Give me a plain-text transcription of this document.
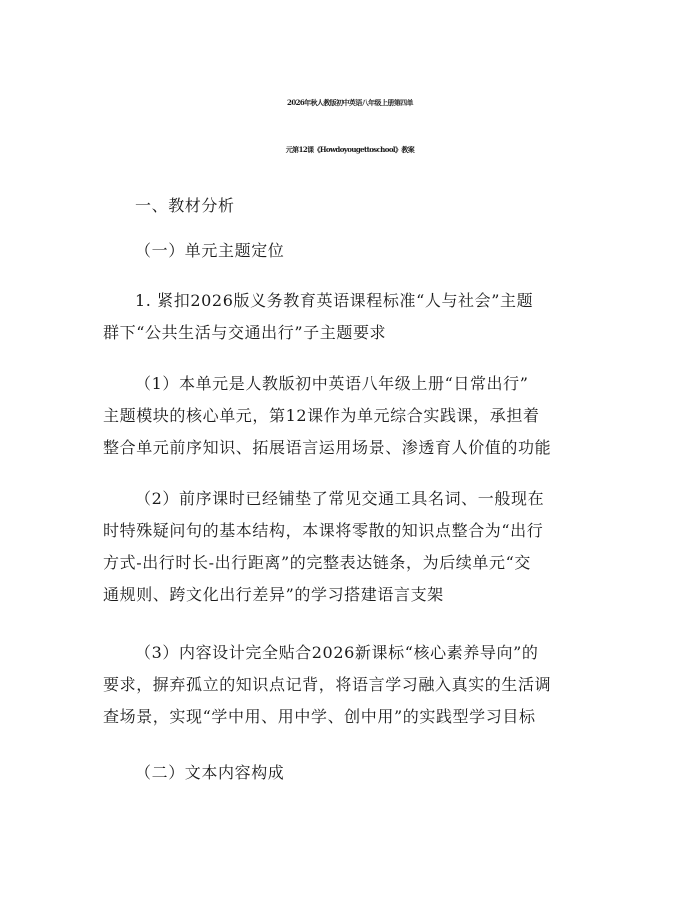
2026年秋人教版初中英语八年级上册第四单
元第12课《Howdoyougettoschool》教案
一、教材分析
（一）单元主题定位
1. 紧扣2026版义务教育英语课程标准“人与社会”主题
群下“公共生活与交通出行”子主题要求
（1）本单元是人教版初中英语八年级上册“日常出行”
主题模块的核心单元，第12课作为单元综合实践课，承担着
整合单元前序知识、拓展语言运用场景、渗透育人价值的功能
（2）前序课时已经铺垫了常见交通工具名词、一般现在
时特殊疑问句的基本结构，本课将零散的知识点整合为“出行
方式-出行时长-出行距离”的完整表达链条，为后续单元“交
通规则、跨文化出行差异”的学习搭建语言支架
（3）内容设计完全贴合2026新课标“核心素养导向”的
要求，摒弃孤立的知识点记背，将语言学习融入真实的生活调
查场景，实现“学中用、用中学、创中用”的实践型学习目标
（二）文本内容构成
